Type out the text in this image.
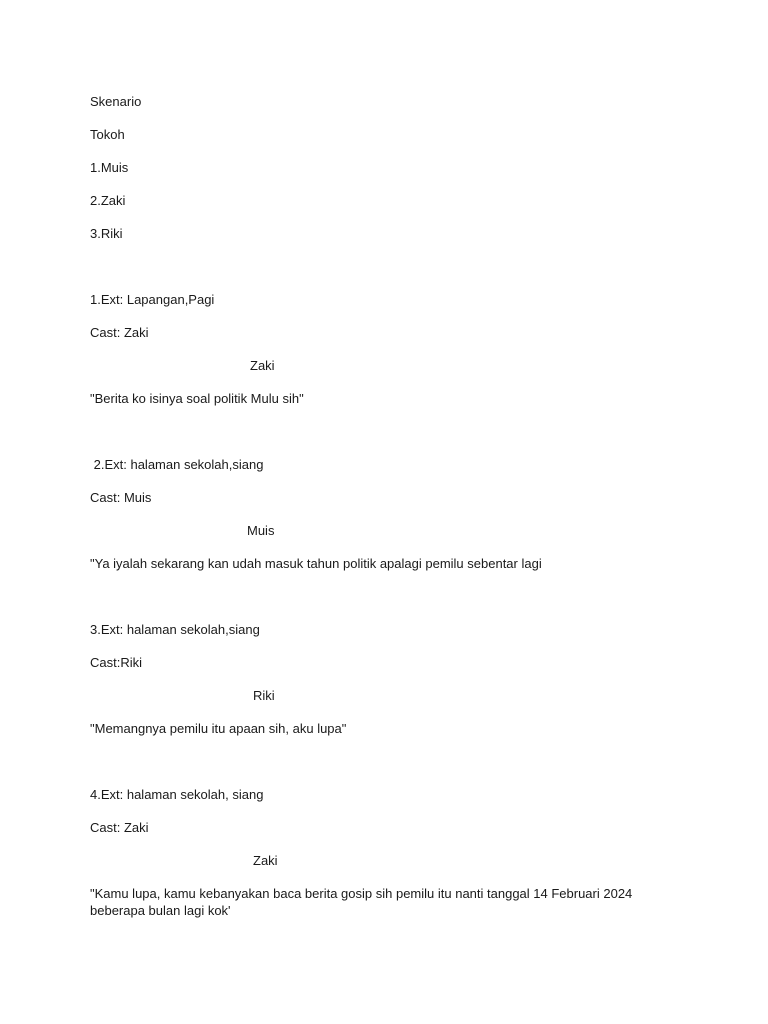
Skenario
Tokoh
1.Muis
2.Zaki
3.Riki
1.Ext: Lapangan,Pagi
Cast: Zaki
Zaki
"Berita ko isinya soal politik Mulu sih"
2.Ext: halaman sekolah,siang
Cast: Muis
Muis
"Ya iyalah sekarang kan udah masuk tahun politik apalagi pemilu sebentar lagi
3.Ext: halaman sekolah,siang
Cast:Riki
Riki
"Memangnya pemilu itu apaan sih, aku lupa"
4.Ext: halaman sekolah, siang
Cast: Zaki
Zaki
"Kamu lupa, kamu kebanyakan baca berita gosip sih pemilu itu nanti tanggal 14 Februari 2024 beberapa bulan lagi kok'
